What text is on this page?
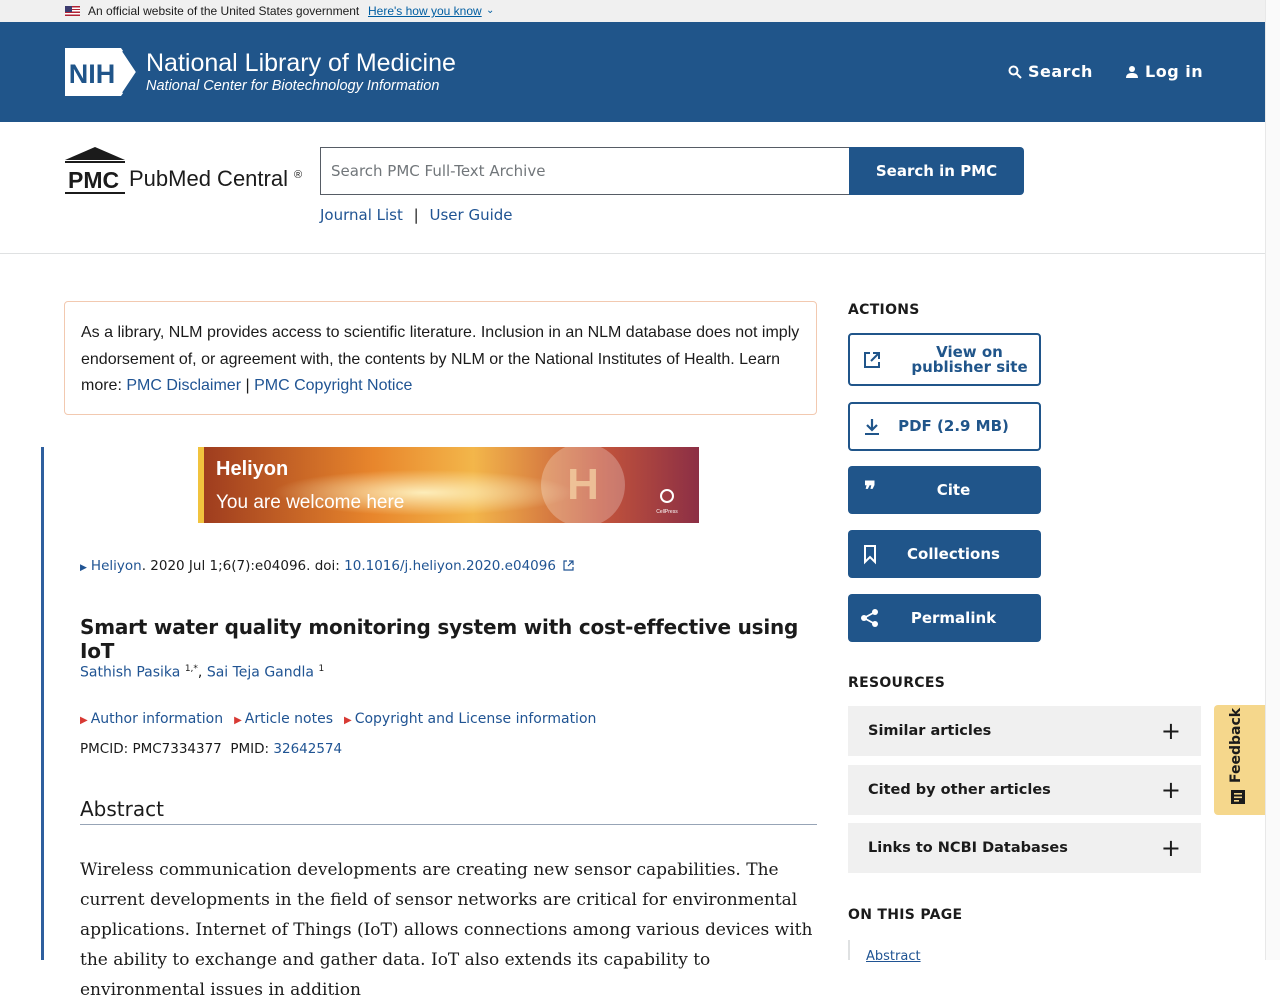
An official website of the United States government Here's how you know ⌄
NIH National Library of Medicine
National Center for Biotechnology Information
Search	Log in
PMC PubMed Central ®
Search PMC Full-Text Archive	Search in PMC
Journal List | User Guide
As a library, NLM provides access to scientific literature. Inclusion in an NLM database does not imply endorsement of, or agreement with, the contents by NLM or the National Institutes of Health. Learn more: PMC Disclaimer | PMC Copyright Notice
H
Heliyon
You are welcome here	CellPress
▶ Heliyon. 2020 Jul 1;6(7):e04096. doi: 10.1016/j.heliyon.2020.e04096
Smart water quality monitoring system with cost-effective using IoT
Sathish Pasika $^{1,*}$, Sai Teja Gandla $^1$
▶ Author information ▶ Article notes ▶ Copyright and License information
PMCID: PMC7334377 PMID: 32642574
Abstract
Wireless communication developments are creating new sensor capabilities. The current developments in the field of sensor networks are critical for environmental applications. Internet of Things (IoT) allows connections among various devices with the ability to exchange and gather data. IoT also extends its capability to environmental issues in addition
ACTIONS
View on publisher site
PDF (2.9 MB)
❞	Cite
Collections
Permalink
RESOURCES
Similar articles	+
Cited by other articles	+
Links to NCBI Databases	+
ON THIS PAGE
Abstract
Feedback
